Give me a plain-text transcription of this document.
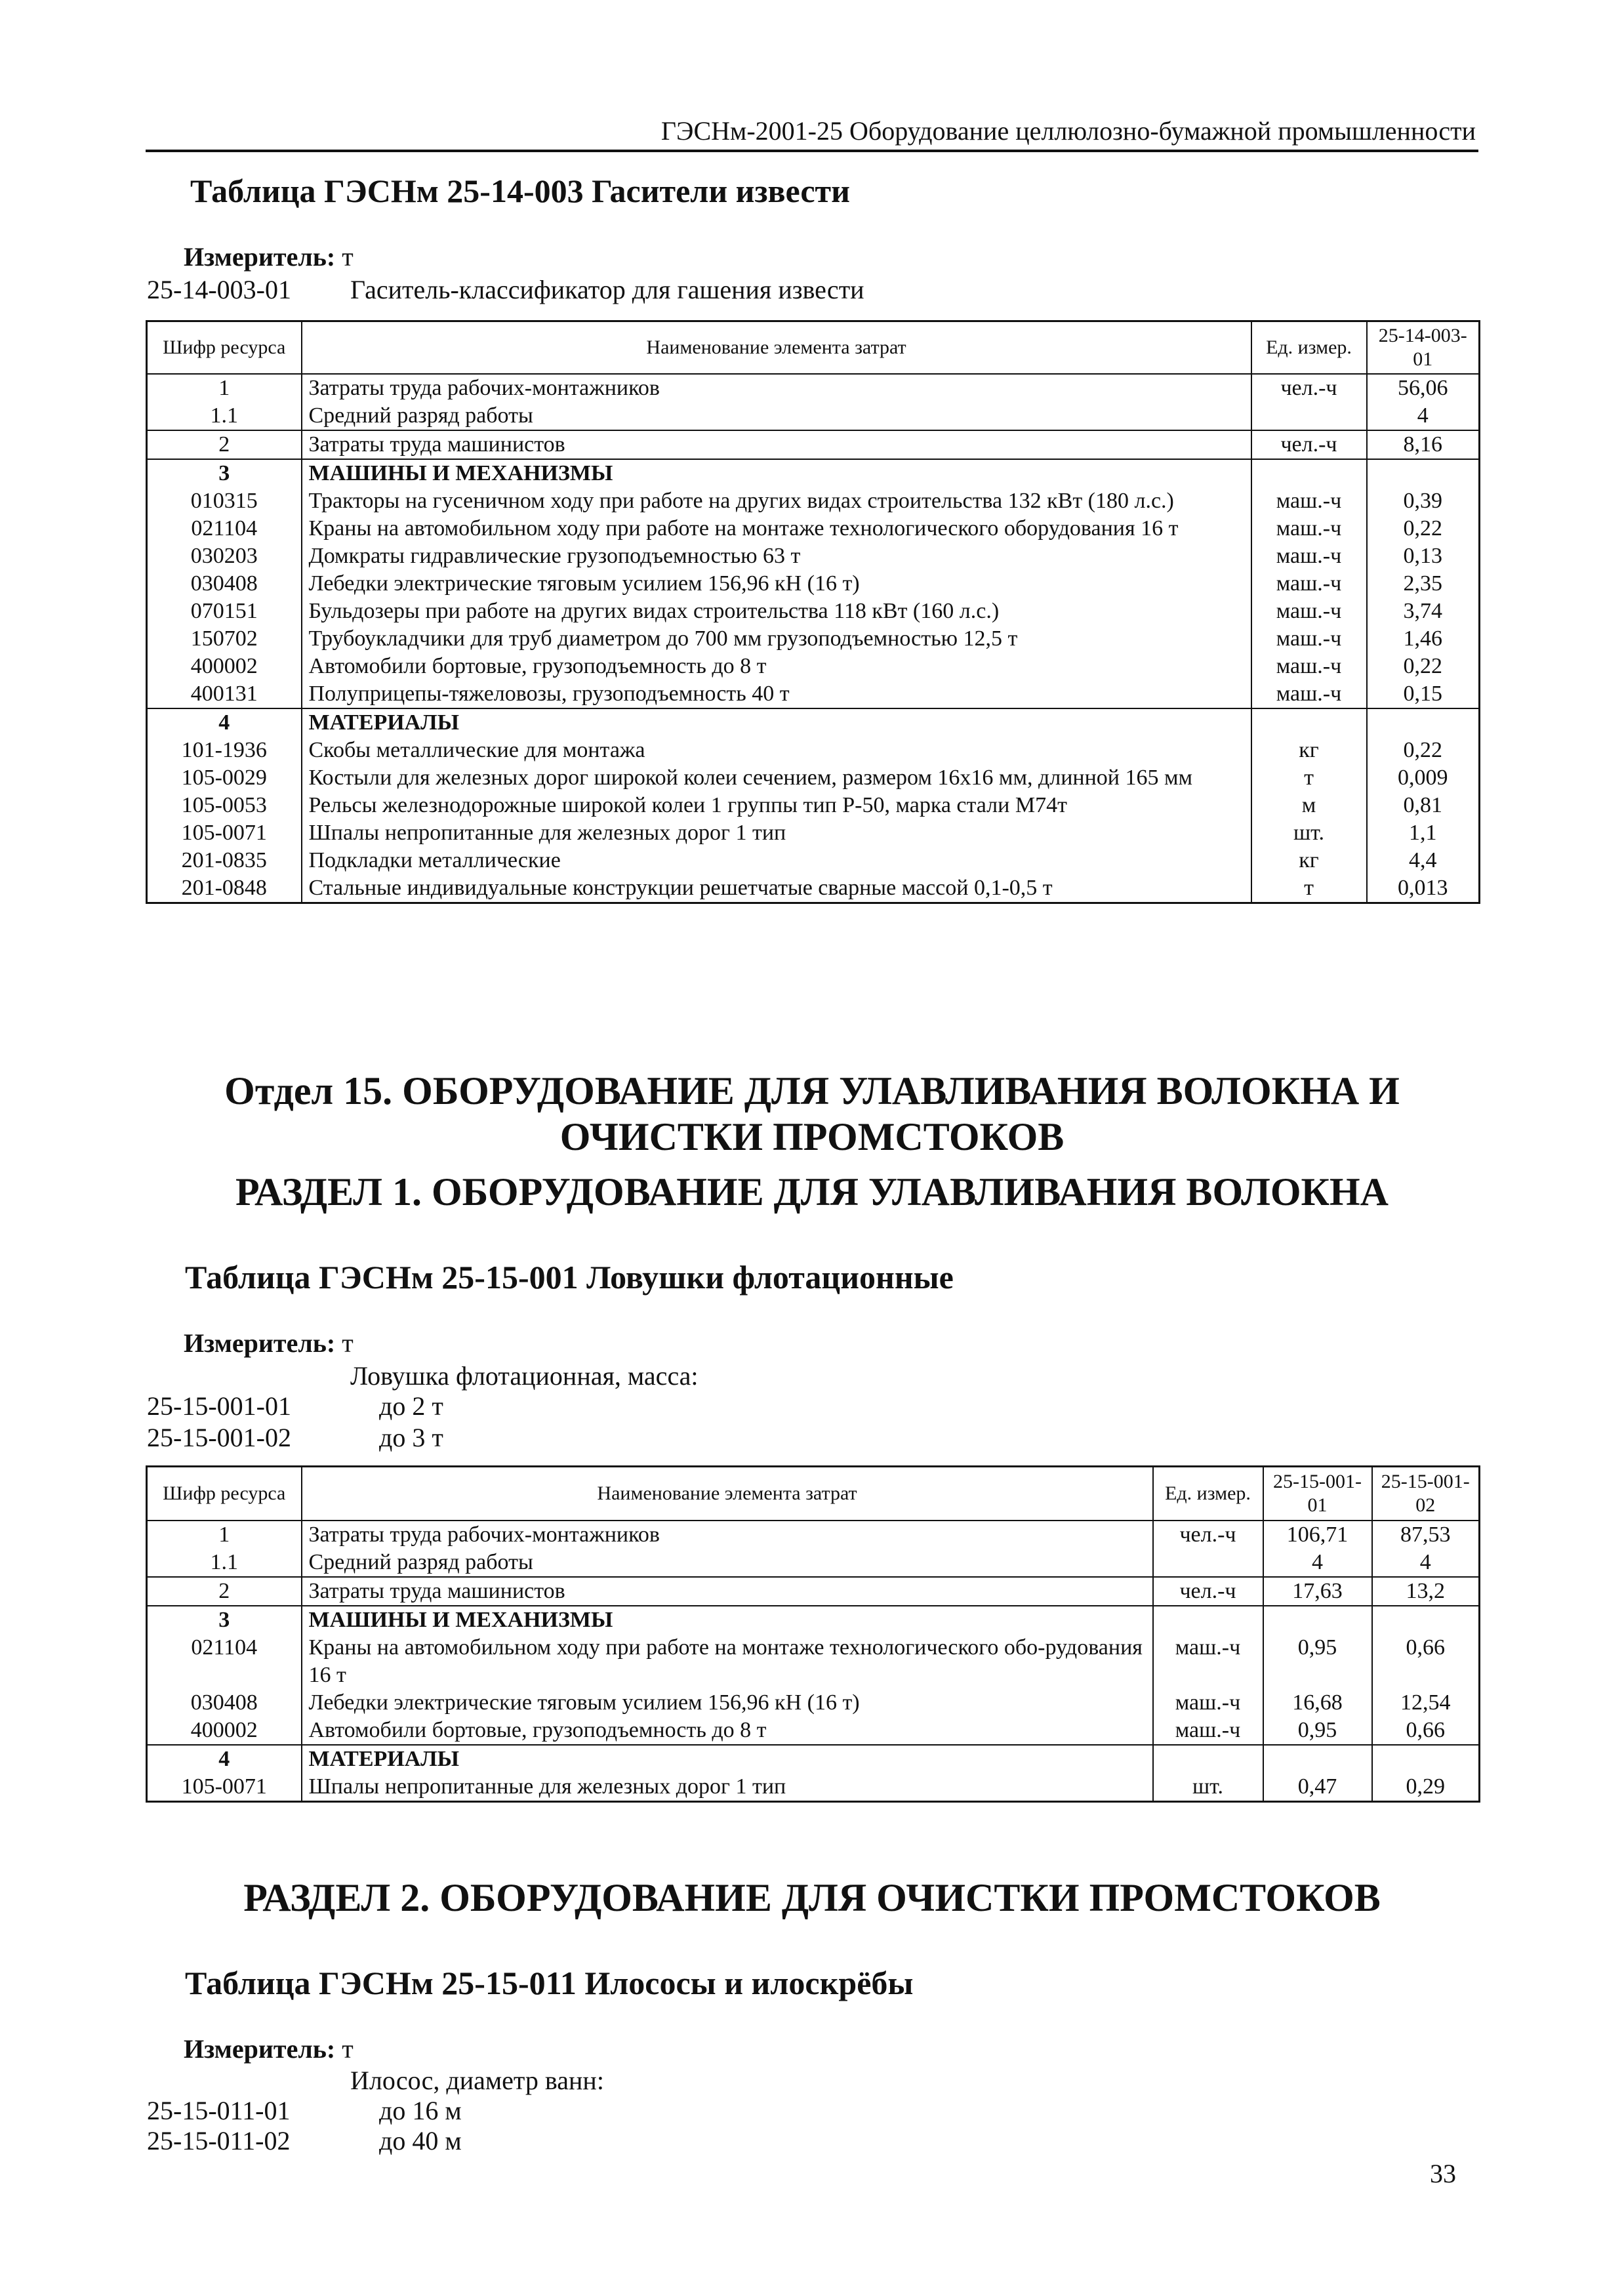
ГЭСНм-2001-25 Оборудование целлюлозно-бумажной промышленности
Таблица ГЭСНм 25-14-003 Гасители извести
Измеритель: т
25-14-003-01 Гаситель-классификатор для гашения извести
Шифр ресурса	Наименование элемента затрат	Ед. измер.	25-14-003-01
1	Затраты труда рабочих-монтажников	чел.-ч	56,06
1.1	Средний разряд работы		4
2	Затраты труда машинистов	чел.-ч	8,16
3	МАШИНЫ И МЕХАНИЗМЫ		
010315	Тракторы на гусеничном ходу при работе на других видах строительства 132 кВт (180 л.с.)	маш.-ч	0,39
021104	Краны на автомобильном ходу при работе на монтаже технологического оборудования 16 т	маш.-ч	0,22
030203	Домкраты гидравлические грузоподъемностью 63 т	маш.-ч	0,13
030408	Лебедки электрические тяговым усилием 156,96 кН (16 т)	маш.-ч	2,35
070151	Бульдозеры при работе на других видах строительства 118 кВт (160 л.с.)	маш.-ч	3,74
150702	Трубоукладчики для труб диаметром до 700 мм грузоподъемностью 12,5 т	маш.-ч	1,46
400002	Автомобили бортовые, грузоподъемность до 8 т	маш.-ч	0,22
400131	Полуприцепы-тяжеловозы, грузоподъемность 40 т	маш.-ч	0,15
4	МАТЕРИАЛЫ		
101-1936	Скобы металлические для монтажа	кг	0,22
105-0029	Костыли для железных дорог широкой колеи сечением, размером 16х16 мм, длинной 165 мм	т	0,009
105-0053	Рельсы железнодорожные широкой колеи 1 группы тип Р-50, марка стали М74т	м	0,81
105-0071	Шпалы непропитанные для железных дорог 1 тип	шт.	1,1
201-0835	Подкладки металлические	кг	4,4
201-0848	Стальные индивидуальные конструкции решетчатые сварные массой 0,1-0,5 т	т	0,013
Отдел 15. ОБОРУДОВАНИЕ ДЛЯ УЛАВЛИВАНИЯ ВОЛОКНА И ОЧИСТКИ ПРОМСТОКОВ
РАЗДЕЛ 1. ОБОРУДОВАНИЕ ДЛЯ УЛАВЛИВАНИЯ ВОЛОКНА
Таблица ГЭСНм 25-15-001 Ловушки флотационные
Измеритель: т
Ловушка флотационная, масса:
25-15-001-01	до 2 т
25-15-001-02	до 3 т
Шифр ресурса	Наименование элемента затрат	Ед. измер.	25-15-001-01	25-15-001-02
1	Затраты труда рабочих-монтажников	чел.-ч	106,71	87,53
1.1	Средний разряд работы		4	4
2	Затраты труда машинистов	чел.-ч	17,63	13,2
3	МАШИНЫ И МЕХАНИЗМЫ			
021104	Краны на автомобильном ходу при работе на монтаже технологического обо-рудования 16 т	маш.-ч	0,95	0,66
030408	Лебедки электрические тяговым усилием 156,96 кН (16 т)	маш.-ч	16,68	12,54
400002	Автомобили бортовые, грузоподъемность до 8 т	маш.-ч	0,95	0,66
4	МАТЕРИАЛЫ			
105-0071	Шпалы непропитанные для железных дорог 1 тип	шт.	0,47	0,29
РАЗДЕЛ 2. ОБОРУДОВАНИЕ ДЛЯ ОЧИСТКИ ПРОМСТОКОВ
Таблица ГЭСНм 25-15-011 Илососы и илоскрёбы
Измеритель: т
Илосос, диаметр ванн:
25-15-011-01	до 16 м
25-15-011-02	до 40 м
33
